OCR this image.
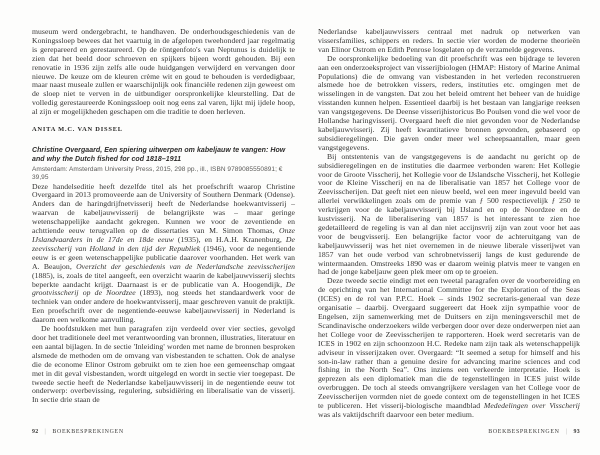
museum werd ondergebracht, te handhaven. De onderhoudsgeschiedenis van de Koningssloep bewees dat het vaartuig in de afgelopen tweehonderd jaar regelmatig is gerepareerd en gerestaureerd. Op de röntgenfoto's van Neptunus is duidelijk te zien dat het beeld door schroeven en spijkers bijeen wordt gehouden. Bij een renovatie in 1936 zijn zelfs alle oude huidgangen verwijderd en vervangen door nieuwe. De keuze om de kleuren crème wit en goud te behouden is verdedigbaar, maar naast museale zullen er waarschijnlijk ook financiële redenen zijn geweest om de sloep niet te verven in de uitbundiger oorspronkelijke kleurstelling. Dat de volledig gerestaureerde Koningssloep ooit nog eens zal varen, lijkt mij ijdele hoop, al zijn er mogelijkheden geschapen om die traditie te doen herleven.

ANITA M.C. VAN DISSEL
Christine Overgaard, Een spiering uitwerpen om kabeljauw te vangen: How and why the Dutch fished for cod 1818–1911
Amsterdam: Amsterdam University Press, 2015, 298 pp., ill., ISBN 9789085550891; € 39,95

Deze handelseditie heeft dezelfde titel als het proefschrift waarop Christine Overgaard in 2013 promoveerde aan de University of Southern Denmark (Odense). Anders dan de haringdrijfnetvisserij heeft de Nederlandse hoekwantvisserij – waarvan de kabeljauwvisserij de belangrijkste was – maar geringe wetenschappelijke aandacht gekregen. Kunnen we voor de zeventiende en achttiende eeuw terugvallen op de dissertaties van M. Simon Thomas, Onze IJslandvaarders in de 17de en 18de eeuw (1935), en H.A.H. Kranenburg, De zeevisscherij van Holland in den tijd der Republiek (1946), voor de negentiende eeuw is er geen wetenschappelijke publicatie daarover voorhanden. Het werk van A. Beaujon, Overzicht der geschiedenis van de Nederlandsche zeevisscherijen (1885), is, zoals de titel aangeeft, een overzicht waarin de kabeljauwvisserij slechts beperkte aandacht krijgt. Daarnaast is er de publicatie van A. Hoogendijk, De grootvisscherij op de Noordzee (1893), nog steeds het standaardwerk voor de techniek van onder andere de hoekwantvisserij, maar geschreven vanuit de praktijk. Een proefschrift over de negentiende-eeuwse kabeljauwvisserij in Nederland is daarom een welkome aanvulling.

De hoofdstukken met hun paragrafen zijn verdeeld over vier secties, gevolgd door het traditionele deel met verantwoording van bronnen, illustraties, literatuur en een aantal bijlagen. In de sectie 'Inleiding' worden met name de bronnen besproken alsmede de methoden om de omvang van visbestanden te schatten. Ook de analyse die de econome Elinor Ostrom gebruikt om te zien hoe een gemeenschap omgaat met in dit geval visbestanden, wordt uitgelegd en wordt in sectie vier toegepast. De tweede sectie heeft de Nederlandse kabeljauwvisserij in de negentiende eeuw tot onderwerp: overbevissing, regulering, subsidiëring en liberalisatie van de visserij. In sectie drie staan de

Nederlandse kabeljauwvissers centraal met nadruk op netwerken van vissersfamilies, schippers en reders. In sectie vier worden de moderne theorieën van Elinor Ostrom en Edith Penrose losgelaten op de verzamelde gegevens.

De oorspronkelijke bedoeling van dit proefschrift was een bijdrage te leveren aan een onderzoeksproject van visserijbiologen (HMAP: History of Marine Animal Populations) die de omvang van visbestanden in het verleden reconstrueren alsmede hoe de betrokken vissers, reders, instituties etc. omgingen met de wisselingen in de vangsten. Dat zou het beleid omtrent het beheer van de huidige visstanden kunnen helpen. Essentieel daarbij is het bestaan van langjarige reeksen van vangstgegevens. De Deense visserijhistoricus Bo Poulsen vond die wel voor de Hollandse haringvisserij. Overgaard heeft die niet gevonden voor de Nederlandse kabeljauwvisserij. Zij heeft kwantitatieve bronnen gevonden, gebaseerd op subsidieregelingen. Die gaven onder meer wel scheepsaantallen, maar geen vangstgegevens.

Bij ontstentenis van de vangstgegevens is de aandacht nu gericht op de subsidieregelingen en de instituties die daarmee verbonden waren: Het Kollegie voor de Groote Visscherij, het Kollegie voor de IJslandsche Visscherij, het Kollegie voor de Kleine Visscherij en na de liberalisatie van 1857 het College voor de Zeevisscherijen. Dat geeft niet een nieuw beeld, wel een meer ingevuld beeld van allerlei verwikkelingen zoals om de premie van ƒ 500 respectievelijk ƒ 250 te verkrijgen voor de kabeljauwvisserij bij IJsland en op de Noordzee en de kustvisserij. Na de liberalisering van 1857 is het interessant te zien hoe gedetailleerd de regeling is van al dan niet accijnsvrij zijn van zout voor het aas voor de beugvisserij. Een belangrijke factor voor de achteruitgang van de kabeljauwvisserij was het niet overnemen in de nieuwe liberale visserijwet van 1857 van het oude verbod van schrobnetvisserij langs de kust gedurende de wintermaanden. Omstreeks 1890 was er daarom weinig platvis meer te vangen en had de jonge kabeljauw geen plek meer om op te groeien.

Deze tweede sectie eindigt met een tweetal paragrafen over de voorbereiding en de oprichting van het International Committee for the Exploration of the Seas (ICES) en de rol van P.P.C. Hoek – sinds 1902 secretaris-generaal van deze organisatie – daarbij. Overgaard suggereert dat Hoek zijn sympathie voor de Engelsen, zijn samenwerking met de Duitsers en zijn meningsverschil met de Scandinavische onderzoekers wilde verbergen door over deze onderwerpen niet aan het College voor de Zeevisscherijen te rapporteren. Hoek werd secretaris van de ICES in 1902 en zijn schoonzoon H.C. Redeke nam zijn taak als wetenschappelijk adviseur in visserijzaken over. Overgaard: “It seemed a setup for himself and his son-in-law rather than a genuine desire for advancing marine sciences and cod fishing in the North Sea”. Ons inziens een verkeerde interpretatie. Hoek is geprezen als een diplomatiek man die de tegenstellingen in ICES juist wilde overbruggen. De toch al steeds omvangrijkere verslagen van het College voor de Zeevisscherijen vormden niet de goede context om de tegenstellingen in het ICES te publiceren. Het visserij-biologische maandblad Mededelingen over Visscherij was als vaktijdschrift daarvoor een beter medium.

92 | BOEKBESPREKINGEN	BOEKBESPREKINGEN | 93
